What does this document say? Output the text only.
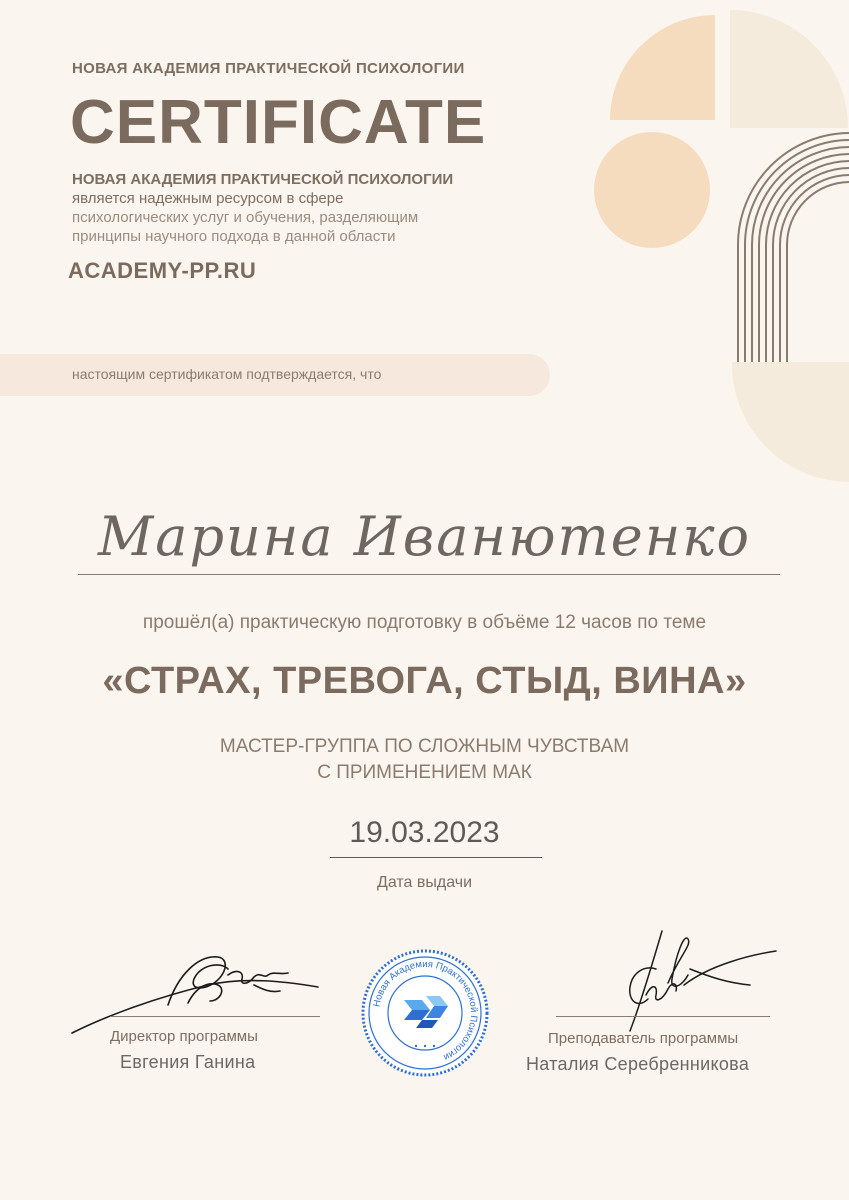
НОВАЯ АКАДЕМИЯ ПРАКТИЧЕСКОЙ ПСИХОЛОГИИ
CERTIFICATE
НОВАЯ АКАДЕМИЯ ПРАКТИЧЕСКОЙ ПСИХОЛОГИИ
является надежным ресурсом в сфере
психологических услуг и обучения, разделяющим
принципы научного подхода в данной области
ACADEMY-PP.RU
настоящим сертификатом подтверждается, что
Марина Иванютенко
прошёл(а) практическую подготовку в объёме 12 часов по теме
«СТРАХ, ТРЕВОГА, СТЫД, ВИНА»
МАСТЕР-ГРУППА ПО СЛОЖНЫМ ЧУВСТВАМ
С ПРИМЕНЕНИЕМ МАК
19.03.2023
Дата выдачи
Директор программы
Евгения Ганина
Новая Академия Практической Психологии
Преподаватель программы
Наталия Серебренникова
